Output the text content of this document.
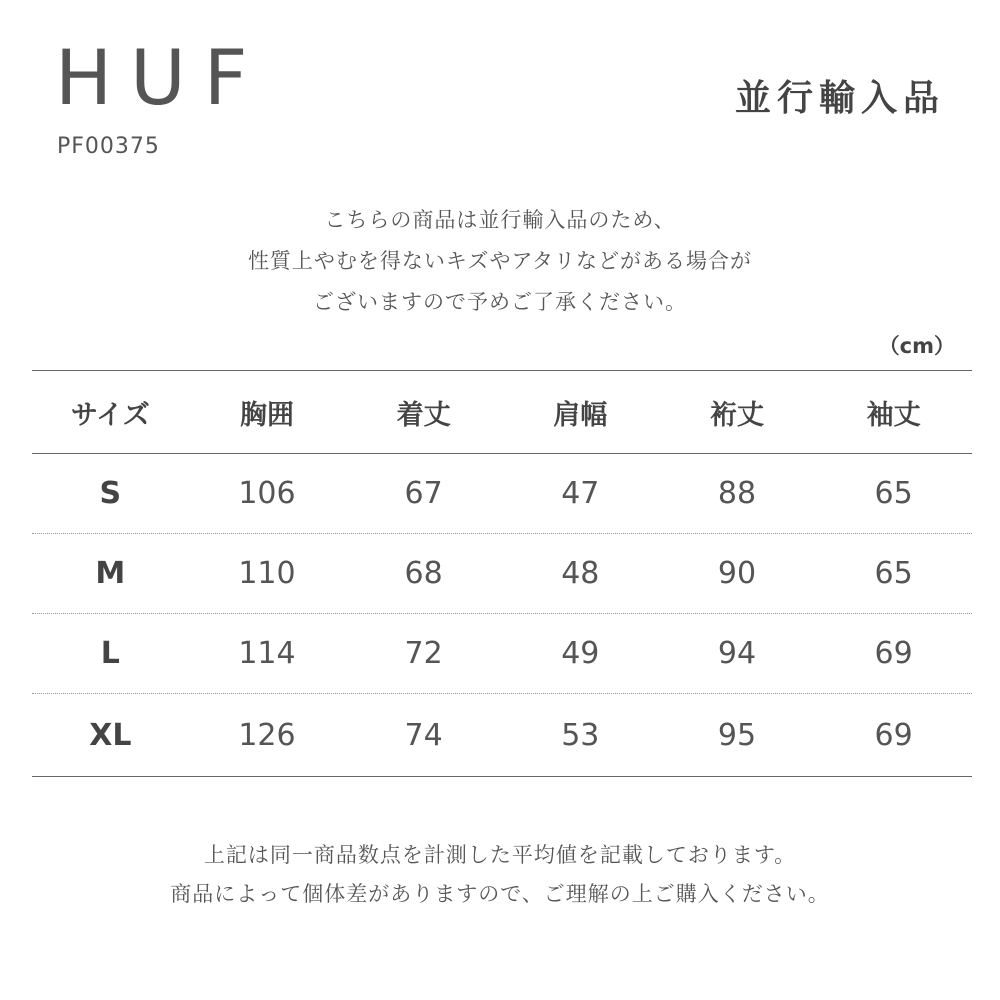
HUF
PF00375
並行輸入品
こちらの商品は並行輸入品のため、
性質上やむを得ないキズやアタリなどがある場合が
ございますので予めご了承ください。
（cm）
サイズ	胸囲	着丈	肩幅	裄丈	袖丈
S	106	67	47	88	65
M	110	68	48	90	65
L	114	72	49	94	69
XL	126	74	53	95	69
上記は同一商品数点を計測した平均値を記載しております。
商品によって個体差がありますので、ご理解の上ご購入ください。
